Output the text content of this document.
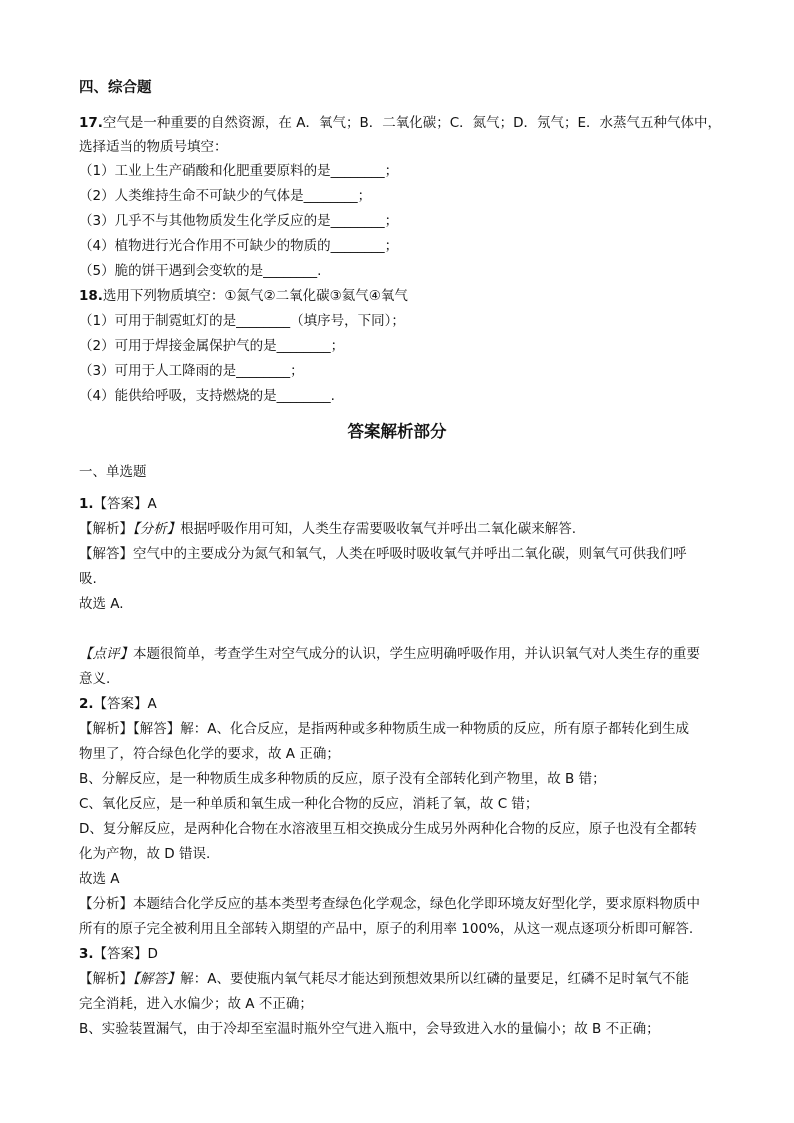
四、综合题
17.空气是一种重要的自然资源，在 A．氧气；B．二氧化碳；C．氮气；D．氖气；E．水蒸气五种气体中，
选择适当的物质号填空：
（1）工业上生产硝酸和化肥重要原料的是________；
（2）人类维持生命不可缺少的气体是________；
（3）几乎不与其他物质发生化学反应的是________；
（4）植物进行光合作用不可缺少的物质的________；
（5）脆的饼干遇到会变软的是________.
18.选用下列物质填空：①氮气②二氧化碳③氦气④氧气
（1）可用于制霓虹灯的是________（填序号，下同）；
（2）可用于焊接金属保护气的是________；
（3）可用于人工降雨的是________；
（4）能供给呼吸，支持燃烧的是________.
答案解析部分
一、单选题
1.【答案】A
【解析】【分析】根据呼吸作用可知，人类生存需要吸收氧气并呼出二氧化碳来解答.
【解答】空气中的主要成分为氮气和氧气，人类在呼吸时吸收氧气并呼出二氧化碳，则氧气可供我们呼
吸.
故选 A.
【点评】本题很简单，考查学生对空气成分的认识，学生应明确呼吸作用，并认识氧气对人类生存的重要
意义.
2.【答案】A
【解析】【解答】解：A、化合反应，是指两种或多种物质生成一种物质的反应，所有原子都转化到生成
物里了，符合绿色化学的要求，故 A 正确；
B、分解反应，是一种物质生成多种物质的反应，原子没有全部转化到产物里，故 B 错；
C、氧化反应，是一种单质和氧生成一种化合物的反应，消耗了氧，故 C 错；
D、复分解反应，是两种化合物在水溶液里互相交换成分生成另外两种化合物的反应，原子也没有全都转
化为产物，故 D 错误.
故选 A
【分析】本题结合化学反应的基本类型考查绿色化学观念，绿色化学即环境友好型化学，要求原料物质中
所有的原子完全被利用且全部转入期望的产品中，原子的利用率 100%，从这一观点逐项分析即可解答.
3.【答案】D
【解析】【解答】解：A、要使瓶内氧气耗尽才能达到预想效果所以红磷的量要足，红磷不足时氧气不能
完全消耗，进入水偏少；故 A 不正确；
B、实验装置漏气，由于冷却至室温时瓶外空气进入瓶中，会导致进入水的量偏小；故 B 不正确；
